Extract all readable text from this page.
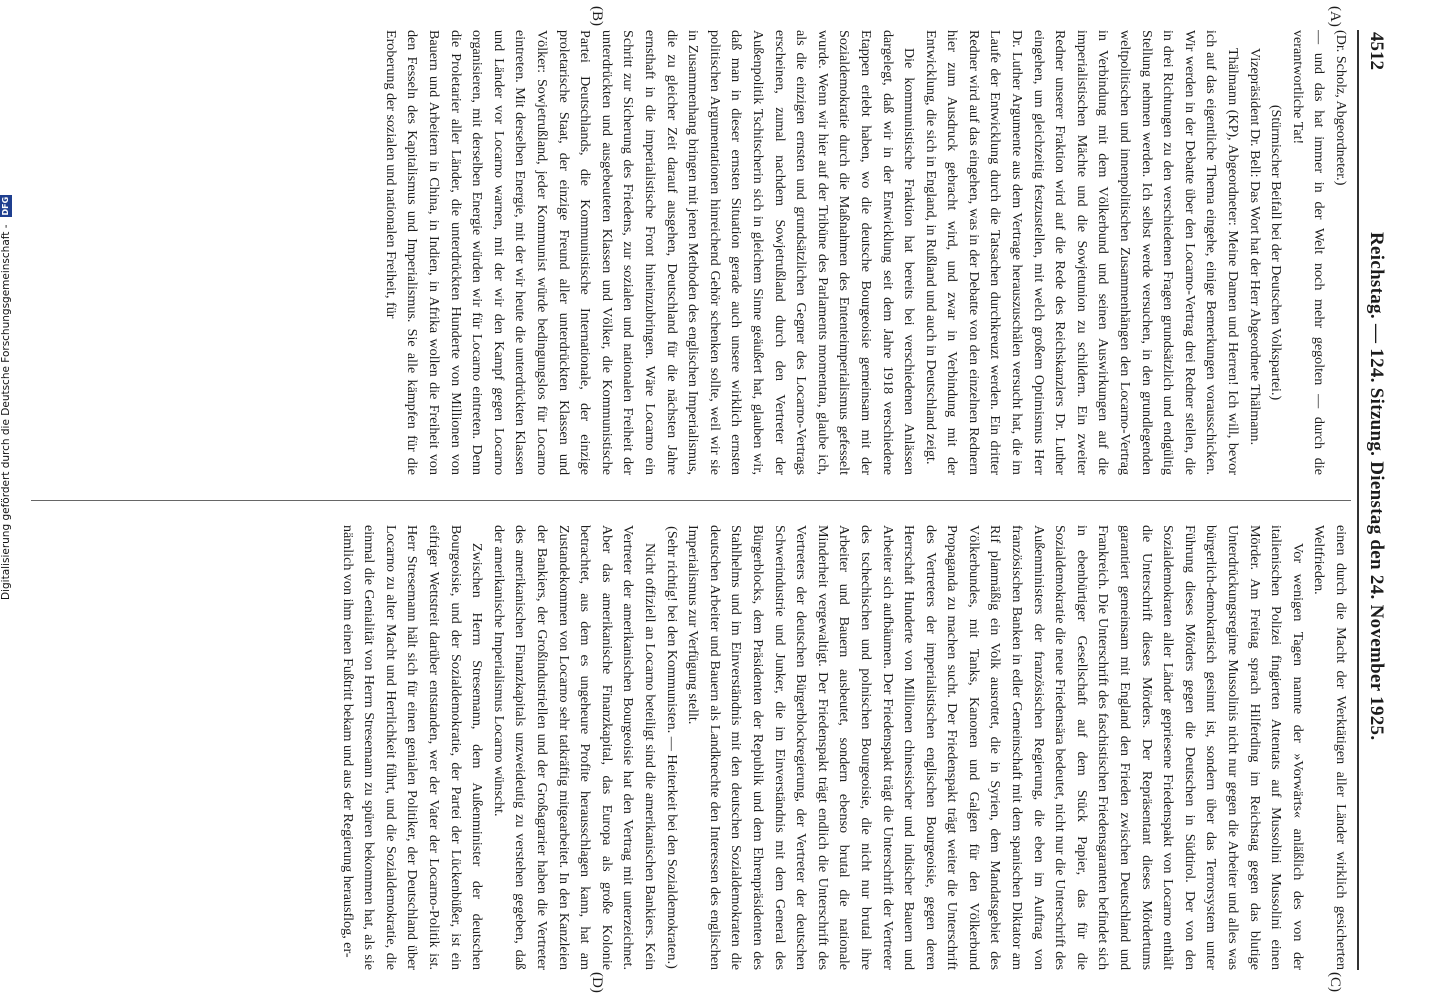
4512
Reichstag. — 124. Sitzung. Dienstag den 24. November 1925.
(A)
(B)
(C)
(D)

(Dr. Scholz, Abgeordneter.)

— und das hat immer in der Welt noch mehr gegolten — durch die verantwortliche Tat!

(Stürmischer Beifall bei der Deutschen Volkspartei.)

Vizepräsident Dr. Bell: Das Wort hat der Herr Abgeordnete Thälmann.

Thälmann (KP), Abgeordneter: Meine Damen und Herren! Ich will, bevor ich auf das eigentliche Thema eingehe, einige Bemerkungen vorausschicken. Wir werden in der Debatte über den Locarno-Vertrag drei Redner stellen, die in drei Richtungen zu den verschiedenen Fragen grundsätzlich und endgültig Stellung nehmen werden. Ich selbst werde versuchen, in den grundlegenden weltpolitischen und innenpolitischen Zusammenhängen den Locarno-Vertrag in Verbindung mit dem Völkerbund und seinen Auswirkungen auf die imperialistischen Mächte und die Sowjetunion zu schildern. Ein zweiter Redner unserer Fraktion wird auf die Rede des Reichskanzlers Dr. Luther eingehen, um gleichzeitig festzustellen, mit welch großem Optimismus Herr Dr. Luther Argumente aus dem Vertrage herauszuschälen versucht hat, die im Laufe der Entwicklung durch die Tatsachen durchkreuzt werden. Ein dritter Redner wird auf das eingehen, was in der Debatte von den einzelnen Rednern hier zum Ausdruck gebracht wird, und zwar in Verbindung mit der Entwicklung, die sich in England, in Rußland und auch in Deutschland zeigt.

Die kommunistische Fraktion hat bereits bei verschiedenen Anlässen dargelegt, daß wir in der Entwicklung seit dem Jahre 1918 verschiedene Etappen erlebt haben, wo die deutsche Bourgeoisie gemeinsam mit der Sozialdemokratie durch die Maßnahmen des Ententeimperialismus gefesselt wurde. Wenn wir hier auf der Tribüne des Parlaments momentan, glaube ich, als die einzigen ernsten und grundsätzlichen Gegner des Locarno-Vertrags erscheinen, zumal nachdem Sowjetrußland durch den Vertreter der Außenpolitik Tschitscherin sich in gleichem Sinne geäußert hat, glauben wir, daß man in dieser ernsten Situation gerade auch unsere wirklich ernsten politischen Argumentationen hinreichend Gehör schenken sollte, weil wir sie in Zusammenhang bringen mit jenen Methoden des englischen Imperialismus, die zu gleicher Zeit darauf ausgehen, Deutschland für die nächsten Jahre ernsthaft in die imperialistische Front hineinzubringen. Wäre Locarno ein Schritt zur Sicherung des Friedens, zur sozialen und nationalen Freiheit der unterdrückten und ausgebeuteten Klassen und Völker, die Kommunistische Partei Deutschlands, die Kommunistische Internationale, der einzige proletarische Staat, der einzige Freund aller unterdrückten Klassen und Völker: Sowjetrußland, jeder Kommunist würde bedingungslos für Locarno eintreten. Mit derselben Energie, mit der wir heute die unterdrückten Klassen und Länder vor Locarno warnen, mit der wir den Kampf gegen Locarno organisieren, mit derselben Energie würden wir für Locarno eintreten. Denn die Proletarier aller Länder, die unterdrückten Hunderte von Millionen von Bauern und Arbeitern in China, in Indien, in Afrika wollen die Freiheit von den Fesseln des Kapitalismus und Imperialismus. Sie alle kämpfen für die Eroberung der sozialen und nationalen Freiheit, für

einen durch die Macht der Werktätigen aller Länder wirklich gesicherten Weltfrieden.

Vor wenigen Tagen nannte der »Vorwärts« anläßlich des von der italienischen Polizei fingierten Attentats auf Mussolini Mussolini einen Mörder. Am Freitag sprach Hilferding im Reichstag gegen das blutige Unterdrückungsregime Mussolinis nicht nur gegen die Arbeiter und alles was bürgerlich-demokratisch gesinnt ist, sondern über das Terrorsystem unter Führung dieses Mörders gegen die Deutschen in Südtirol. Der von den Sozialdemokraten aller Länder gepriesene Friedenspakt von Locarno enthält die Unterschrift dieses Mörders. Der Repräsentant dieses Mördertums garantiert gemeinsam mit England den Frieden zwischen Deutschland und Frankreich. Die Unterschrift des faschistischen Friedensgaranten befindet sich in ebenbürtiger Gesellschaft auf dem Stück Papier, das für die Sozialdemokratie die neue Friedensära bedeutet, nicht nur die Unterschrift des Außenministers der französischen Regierung, die eben im Auftrag von französischen Banken in edler Gemeinschaft mit dem spanischen Diktator am Rif planmäßig ein Volk ausrottet, die in Syrien, dem Mandatsgebiet des Völkerbundes, mit Tanks, Kanonen und Galgen für den Völkerbund Propaganda zu machen sucht. Der Friedenspakt trägt weiter die Unterschrift des Vertreters der imperialistischen englischen Bourgeoisie, gegen deren Herrschaft Hunderte von Millionen chinesischer und indischer Bauern und Arbeiter sich aufbäumen. Der Friedenspakt trägt die Unterschrift der Vertreter des tschechischen und polnischen Bourgeoisie, die nicht nur brutal ihre Arbeiter und Bauern ausbeutet, sondern ebenso brutal die nationale Minderheit vergewaltigt. Der Friedenspakt trägt endlich die Unterschrift des Vertreters der deutschen Bürgerblockregierung, der Vertreter der deutschen Schwerindustrie und Junker, die im Einverständnis mit dem General des Bürgerblocks, dem Präsidenten der Republik und dem Ehrenpräsidenten des Stahlhelms und im Einverständnis mit den deutschen Sozialdemokraten die deutschen Arbeiter und Bauern als Landknechte den Interessen des englischen Imperialismus zur Verfügung stellt.

(Sehr richtig! bei den Kommunisten. — Heiterkeit bei den Sozialdemokraten.)

Nicht offiziell an Locarno beteiligt sind die amerikanischen Bankiers. Kein Vertreter der amerikanischen Bourgeoisie hat den Vertrag mit unterzeichnet. Aber das amerikanische Finanzkapital, das Europa als große Kolonie betrachtet, aus dem es ungeheure Profite herausschlagen kann, hat am Zustandekommen von Locarno sehr tatkräftig mitgearbeitet. In den Kanzleien der Bankiers, der Großindustriellen und der Großagrarier haben die Vertreter des amerikanischen Finanzkapitals unzweideutig zu verstehen gegeben, daß der amerikanische Imperialismus Locarno wünscht.

Zwischen Herrn Stresemann, dem Außenminister der deutschen Bourgeoisie, und der Sozialdemokratie, der Partei der Lückenbüßer, ist ein eifriger Wettstreit darüber entstanden, wer der Vater der Locarno-Politik ist. Herr Stresemann hält sich für einen genialen Politiker, der Deutschland über Locarno zu alter Macht und Herrlichkeit führt, und die Sozialdemokratie, die einmal die Genialität von Herrn Stresemann zu spüren bekommen hat, als sie nämlich von ihm einen Fußtritt bekam und aus der Regierung herausflog, er-

Digitalisierung gefördert durch die Deutsche Forschungsgemeinschaft - DFG
